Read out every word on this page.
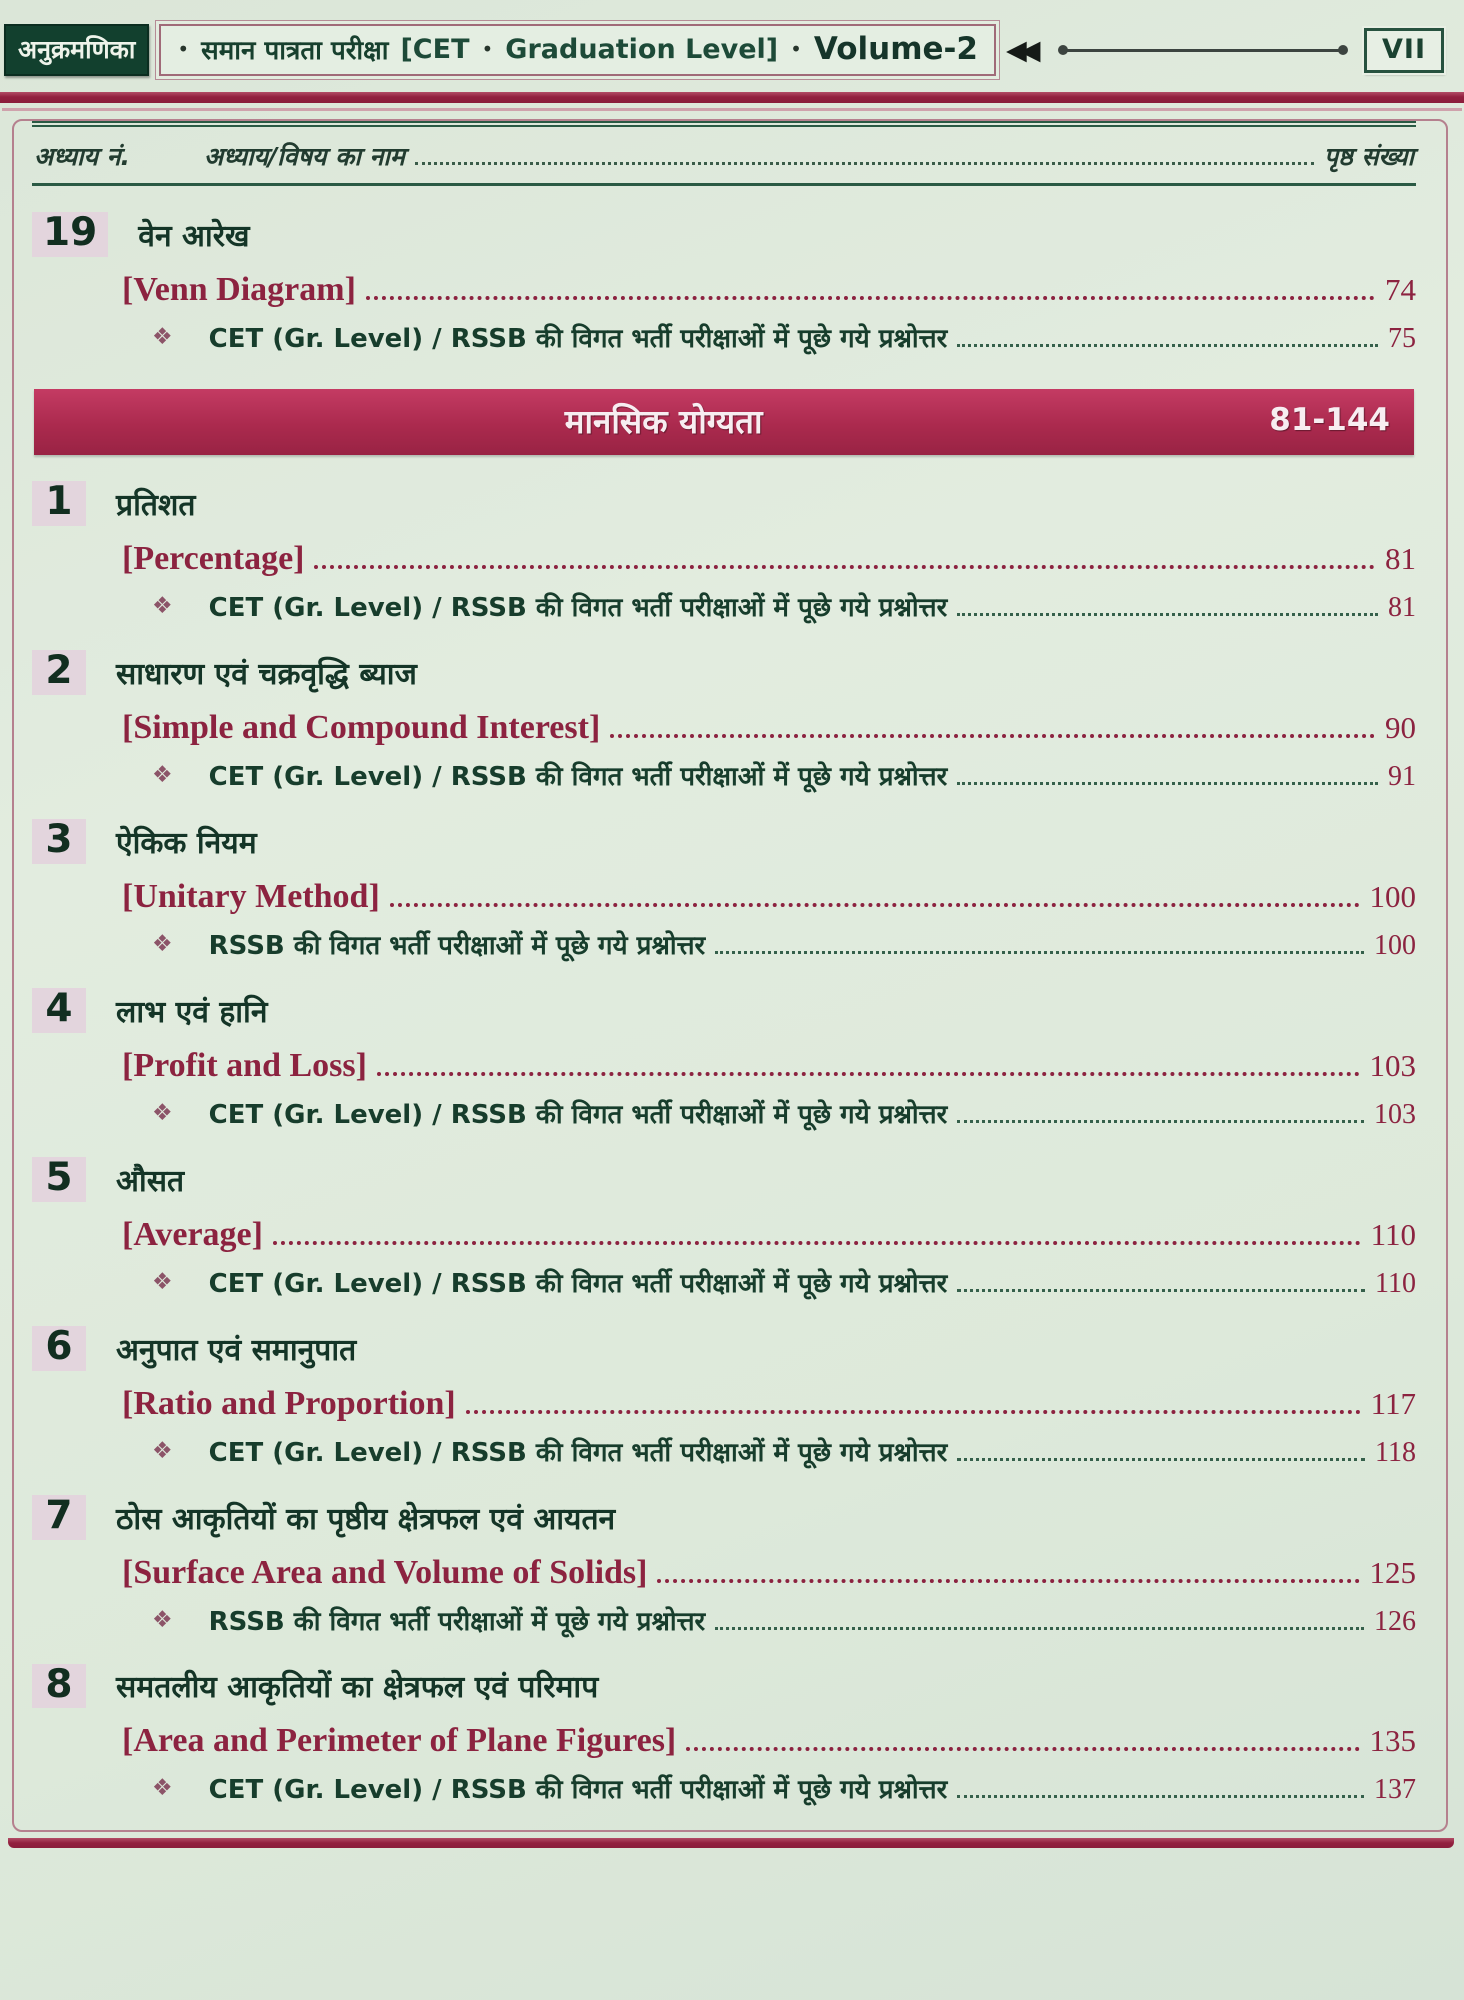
अनुक्रमणिका	• समान पात्रता परीक्षा [CET • Graduation Level] • Volume-2 ◀◀	VII
अध्याय नं.	अध्याय/विषय का नाम	पृष्ठ संख्या
19	वेन आरेख
[Venn Diagram]	74
❖ CET (Gr. Level) / RSSB की विगत भर्ती परीक्षाओं में पूछे गये प्रश्नोत्तर	75
मानसिक योग्यता	81-144
1	प्रतिशत
[Percentage]	81
❖ CET (Gr. Level) / RSSB की विगत भर्ती परीक्षाओं में पूछे गये प्रश्नोत्तर	81
2	साधारण एवं चक्रवृद्धि ब्याज
[Simple and Compound Interest]	90
❖ CET (Gr. Level) / RSSB की विगत भर्ती परीक्षाओं में पूछे गये प्रश्नोत्तर	91
3	ऐकिक नियम
[Unitary Method]	100
❖ RSSB की विगत भर्ती परीक्षाओं में पूछे गये प्रश्नोत्तर	100
4	लाभ एवं हानि
[Profit and Loss]	103
❖ CET (Gr. Level) / RSSB की विगत भर्ती परीक्षाओं में पूछे गये प्रश्नोत्तर	103
5	औसत
[Average]	110
❖ CET (Gr. Level) / RSSB की विगत भर्ती परीक्षाओं में पूछे गये प्रश्नोत्तर	110
6	अनुपात एवं समानुपात
[Ratio and Proportion]	117
❖ CET (Gr. Level) / RSSB की विगत भर्ती परीक्षाओं में पूछे गये प्रश्नोत्तर	118
7	ठोस आकृतियों का पृष्ठीय क्षेत्रफल एवं आयतन
[Surface Area and Volume of Solids]	125
❖ RSSB की विगत भर्ती परीक्षाओं में पूछे गये प्रश्नोत्तर	126
8	समतलीय आकृतियों का क्षेत्रफल एवं परिमाप
[Area and Perimeter of Plane Figures]	135
❖ CET (Gr. Level) / RSSB की विगत भर्ती परीक्षाओं में पूछे गये प्रश्नोत्तर	137
